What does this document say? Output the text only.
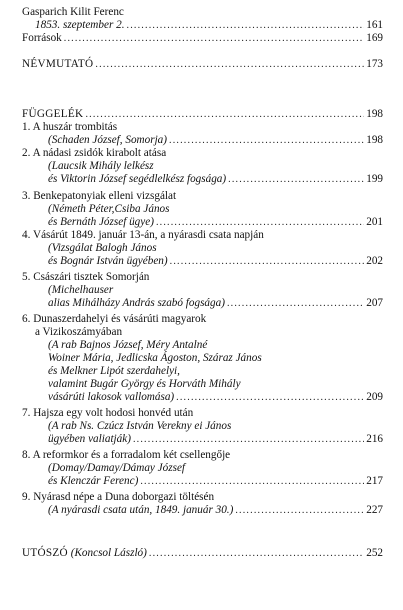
Gasparich Kilit Ferenc
1853. szeptember 2. .....	161
Források .....	169
NÉVMUTATÓ .....	173
FÜGGELÉK .....	198
1. A huszár trombitás
(Schaden József, Somorja) .....	198
2. A nádasi zsidók kirabolt atása
(Laucsik Mihály lelkész
és Viktorin József segédlelkész fogsága) .....	199
3. Benkepatonyiak elleni vizsgálat
(Németh Péter,Csiba János
és Bernáth József ügye) .....	201
4. Vásárút 1849. január 13-án, a nyárasdi csata napján
(Vizsgálat Balogh János
és Bognár István ügyében) .....	202
5. Császári tisztek Somorján
(Michelhauser
alias Mihálházy András szabó fogsága) .....	207
6. Dunaszerdahelyi és vásárúti magyarok
a Vizikoszámyában
(A rab Bajnos József, Méry Antalné
Woiner Mária, Jedlicska Ágoston, Száraz János
és Melkner Lipót szerdahelyi,
valamint Bugár György és Horváth Mihály
vásárúti lakosok vallomása) .....	209
7. Hajsza egy volt hodosi honvéd után
(A rab Ns. Czúcz István Verekny ei János
ügyében valiatják) .....	216
8. A reformkor és a forradalom két csellengője
(Domay/Damay/Dámay József
és Klenczár Ferenc) .....	217
9. Nyárasd népe a Duna doborgazi töltésén
(A nyárasdi csata után, 1849. január 30.) .....	227
UTÓSZÓ (Koncsol László) .....	252
